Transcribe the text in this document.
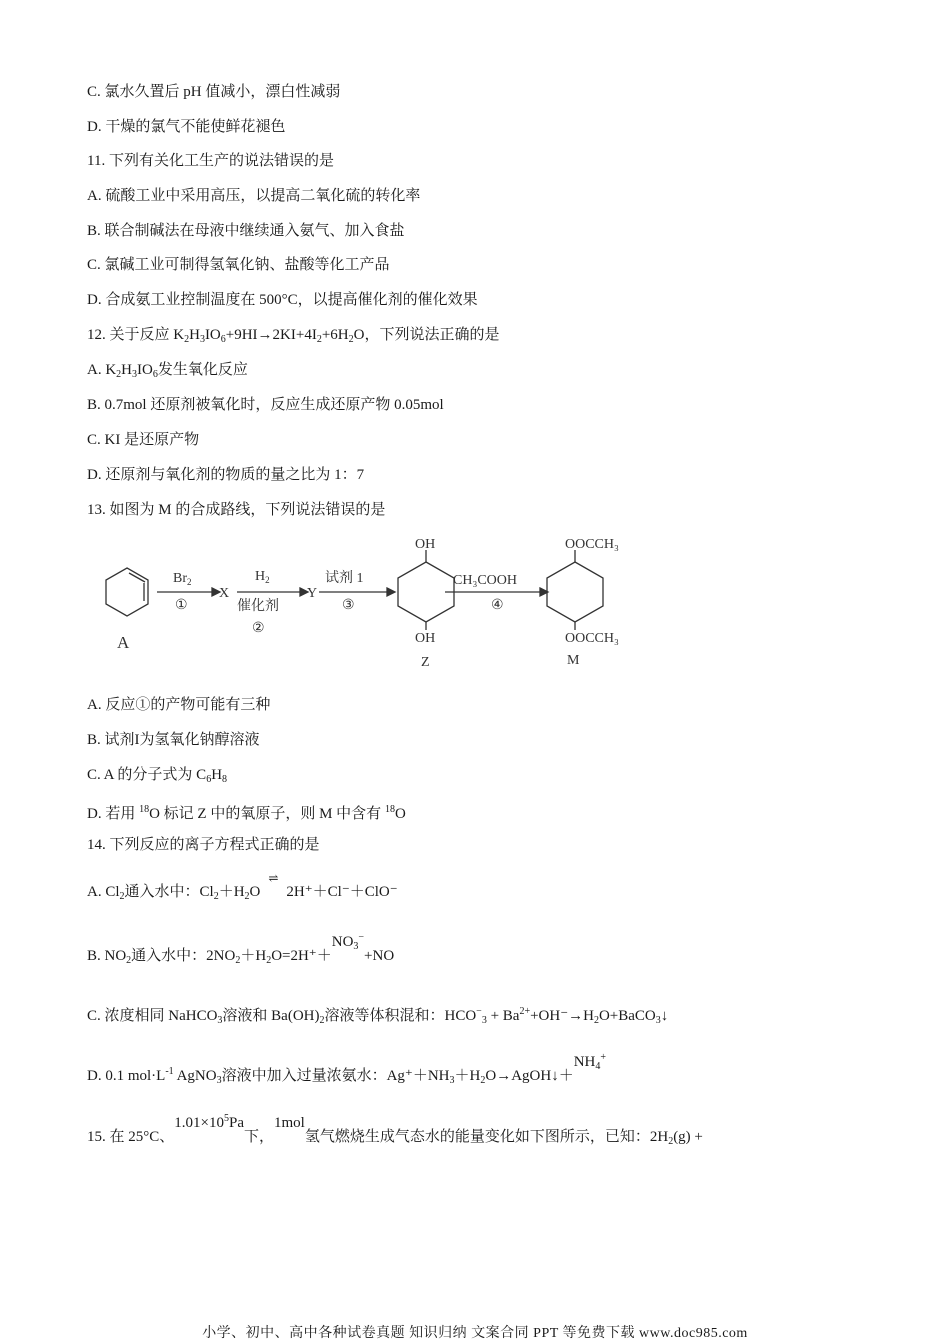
C. 氯水久置后 pH 值减小，漂白性减弱
D. 干燥的氯气不能使鲜花褪色
11. 下列有关化工生产的说法错误的是
A. 硫酸工业中采用高压，以提高二氧化硫的转化率
B. 联合制碱法在母液中继续通入氨气、加入食盐
C. 氯碱工业可制得氢氧化钠、盐酸等化工产品
D. 合成氨工业控制温度在 500°C，以提高催化剂的催化效果
12. 关于反应 $K_2H_3IO_6+9HI\to 2KI+4I_2+6H_2O$，下列说法正确的是
A. $K_2H_3IO_6$发生氧化反应
B. 0.7mol 还原剂被氧化时，反应生成还原产物 0.05mol
C. KI 是还原产物
D. 还原剂与氧化剂的物质的量之比为 1：7
13. 如图为 M 的合成路线，下列说法错误的是
A
$Br_2$
①
X
$H_2$
催化剂
②
Y
试剂 1
③
OH
OH
Z
CH₃COOH
④
OOCCH₃
OOCCH₃
M
A. 反应①的产物可能有三种
B. 试剂I为氢氧化钠醇溶液
C. A 的分子式为 $C_6H_8$
D. 若用 $^{18}$O 标记 Z 中的氧原子，则 M 中含有 $^{18}$O
14. 下列反应的离子方程式正确的是
A. $Cl_2$通入水中：$Cl_2+H_2O\rightleftharpoons 2H^++Cl^-+ClO^-$
B. $NO_2$通入水中：$2NO_2+H_2O=2H^++NO_3^-+NO$
C. 浓度相同 NaHCO$_3$溶液和 $Ba(OH)_2$溶液等体积混和：$HCO^-_3$ + $Ba^{2+}+OH^-\to H_2O+BaCO_3↓$
D. 0.1 $mol\cdot L^{-1}$ AgNO$_3$溶液中加入过量浓氨水：$Ag^++NH_3+H_2O\to AgOH↓+NH_4^+$
15. 在 25°C、$1.01\times 10^5Pa$下，1mol氢气燃烧生成气态水的能量变化如下图所示，已知：$2H_2(g)$ +
小学、初中、高中各种试卷真题 知识归纳 文案合同 PPT 等免费下载 www.doc985.com
